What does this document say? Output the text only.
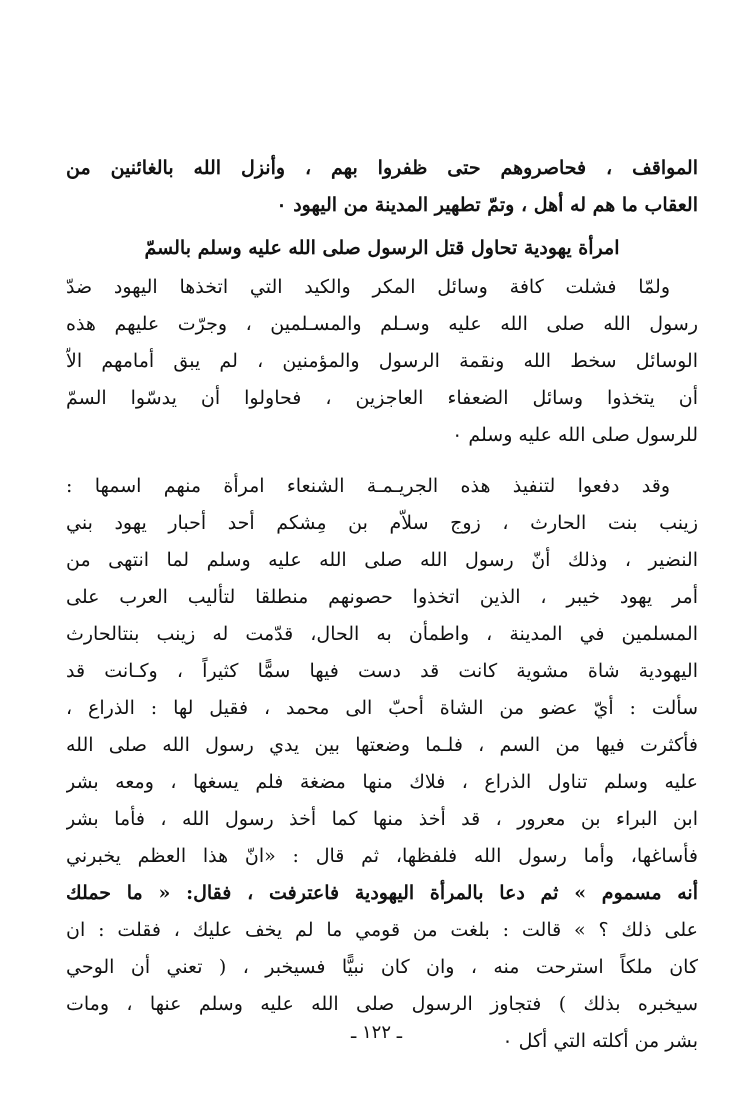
المواقف ، فحاصروهم حتى ظفروا بهم ، وأنزل الله بالغائنين من
العقاب ما هم له أهل ، وتمّ تطهير المدينة من اليهود ٠
امرأة يهودية تحاول قتل الرسول صلى الله عليه وسلم بالسمّ
ولمّا فشلت كافة وسائل المكر والكيد التي اتخذها اليهود ضدّ
رسول الله صلى الله عليه وسـلم والمسـلمين ، وجرّت عليهم هذه
الوسائل سخط الله ونقمة الرسول والمؤمنين ، لم يبق أمامهم الاّ
أن يتخذوا وسائل الضعفاء العاجزين ، فحاولوا أن يدسّوا السمّ
للرسول صلى الله عليه وسلم ٠
وقد دفعوا لتنفيذ هذه الجريـمـة الشنعاء امرأة منهم اسمها :
زينب بنت الحارث ، زوج سلاّم بن مِشكم أحد أحبار يهود بني
النضير ، وذلك أنّ رسول الله صلى الله عليه وسلم لما انتهى من
أمر يهود خيبر ، الذين اتخذوا حصونهم منطلقا لتأليب العرب على
المسلمين في المدينة ، واطمأن به الحال، قدّمت له زينب بنتالحارث
اليهودية شاة مشوية كانت قد دست فيها سمًّا كثيراً ، وكـانت قد
سألت : أيّ عضو من الشاة أحبّ الى محمد ، فقيل لها : الذراع ،
فأكثرت فيها من السم ، فلـما وضعتها بين يدي رسول الله صلى الله
عليه وسلم تناول الذراع ، فلاك منها مضغة فلم يسغها ، ومعه بشر
ابن البراء بن معرور ، قد أخذ منها كما أخذ رسول الله ، فأما بشر
فأساغها، وأما رسول الله فلفظها، ثم قال : «انّ هذا العظم يخبرني
أنه مسموم » ثم دعا بالمرأة اليهودية فاعترفت ، فقال: « ما حملك
على ذلك ؟ » قالت : بلغت من قومي ما لم يخف عليك ، فقلت : ان
كان ملكاً استرحت منه ، وان كان نبيًّا فسيخبر ، ( تعني أن الوحي
سيخبره بذلك ) فتجاوز الرسول صلى الله عليه وسلم عنها ، ومات
بشر من أكلته التي أكل ٠
ـ ١٢٢ ـ
